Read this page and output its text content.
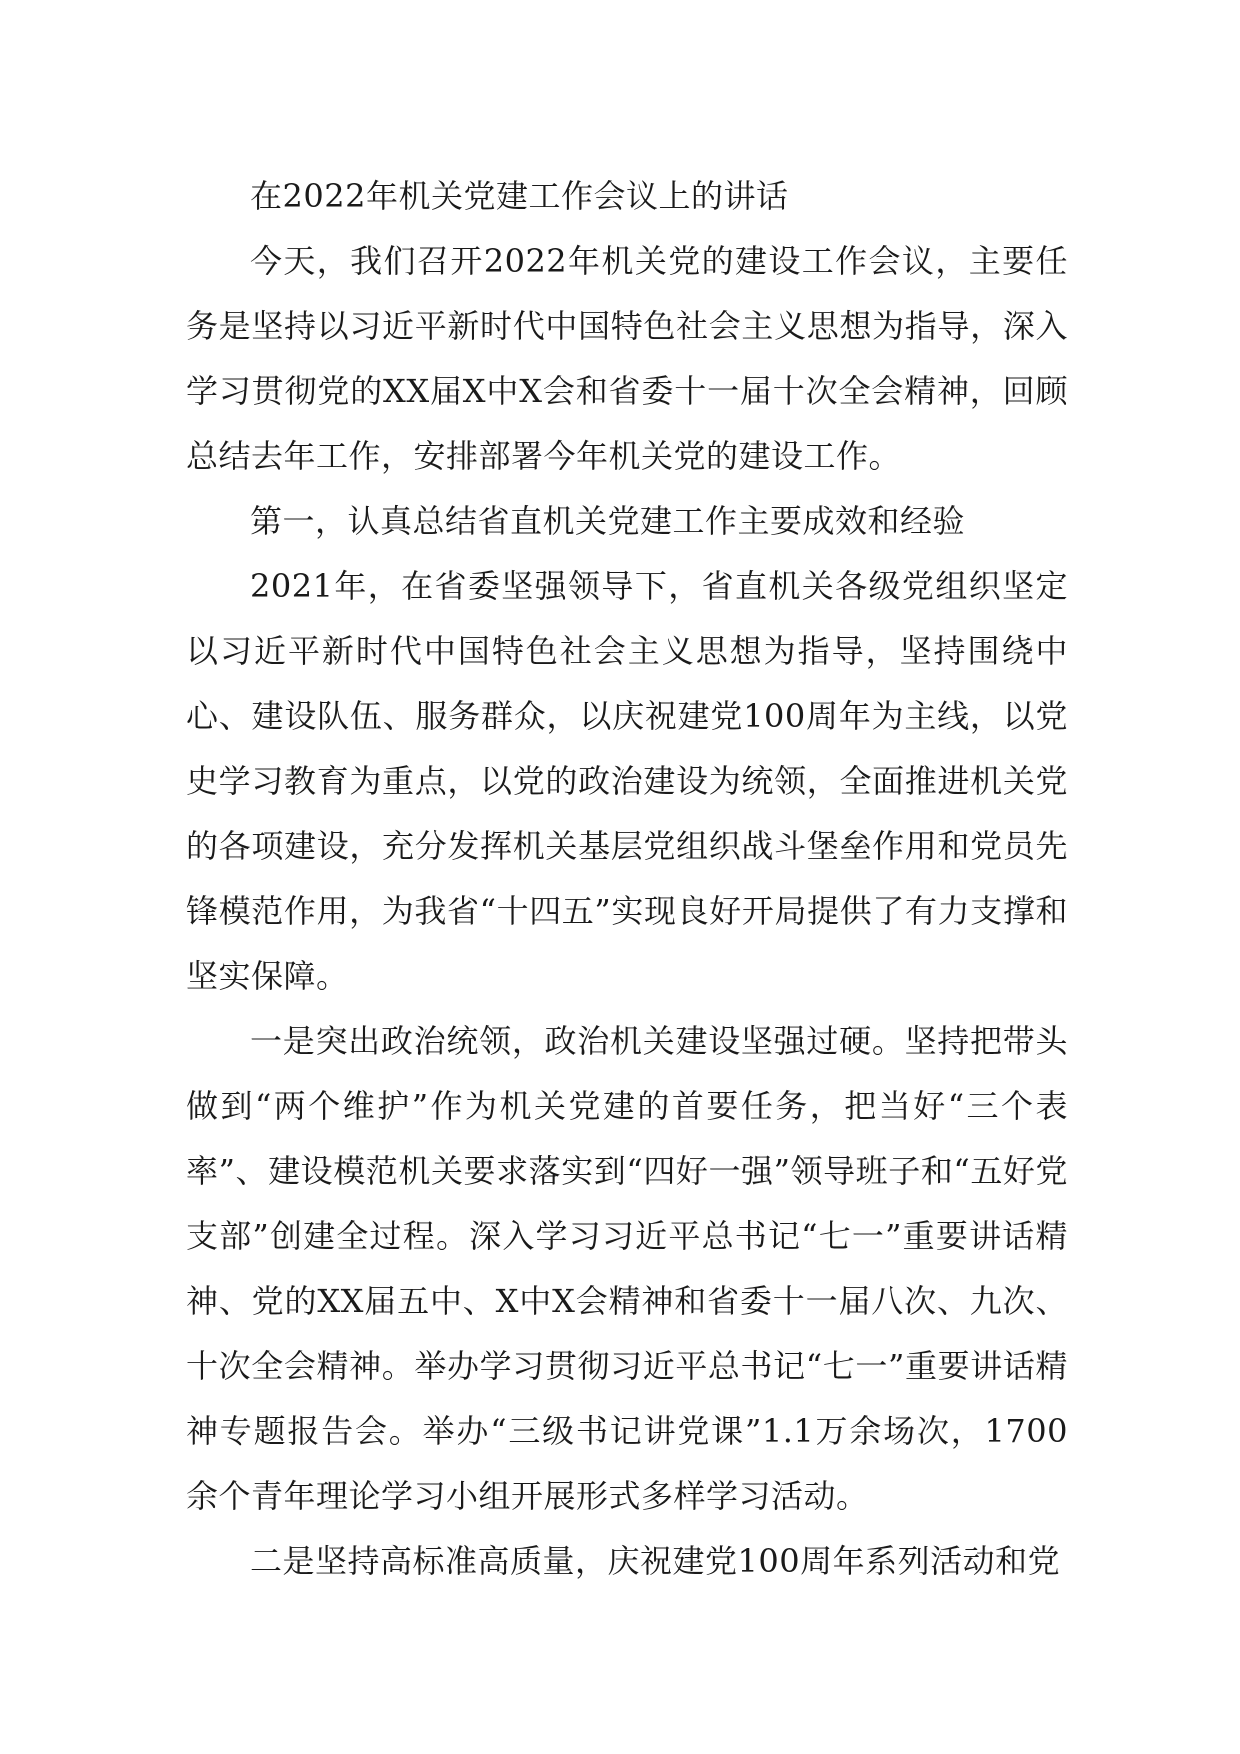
在2022年机关党建工作会议上的讲话

今天，我们召开2022年机关党的建设工作会议，主要任务是坚持以习近平新时代中国特色社会主义思想为指导，深入学习贯彻党的XX届X中X会和省委十一届十次全会精神，回顾总结去年工作，安排部署今年机关党的建设工作。

第一，认真总结省直机关党建工作主要成效和经验

2021年，在省委坚强领导下，省直机关各级党组织坚定以习近平新时代中国特色社会主义思想为指导，坚持围绕中心、建设队伍、服务群众，以庆祝建党100周年为主线，以党史学习教育为重点，以党的政治建设为统领，全面推进机关党的各项建设，充分发挥机关基层党组织战斗堡垒作用和党员先锋模范作用，为我省“十四五”实现良好开局提供了有力支撑和坚实保障。

一是突出政治统领，政治机关建设坚强过硬。坚持把带头做到“两个维护”作为机关党建的首要任务，把当好“三个表率”、建设模范机关要求落实到“四好一强”领导班子和“五好党支部”创建全过程。深入学习习近平总书记“七一”重要讲话精神、党的XX届五中、X中X会精神和省委十一届八次、九次、十次全会精神。举办学习贯彻习近平总书记“七一”重要讲话精神专题报告会。举办“三级书记讲党课”1.1万余场次，1700余个青年理论学习小组开展形式多样学习活动。

二是坚持高标准高质量，庆祝建党100周年系列活动和党
